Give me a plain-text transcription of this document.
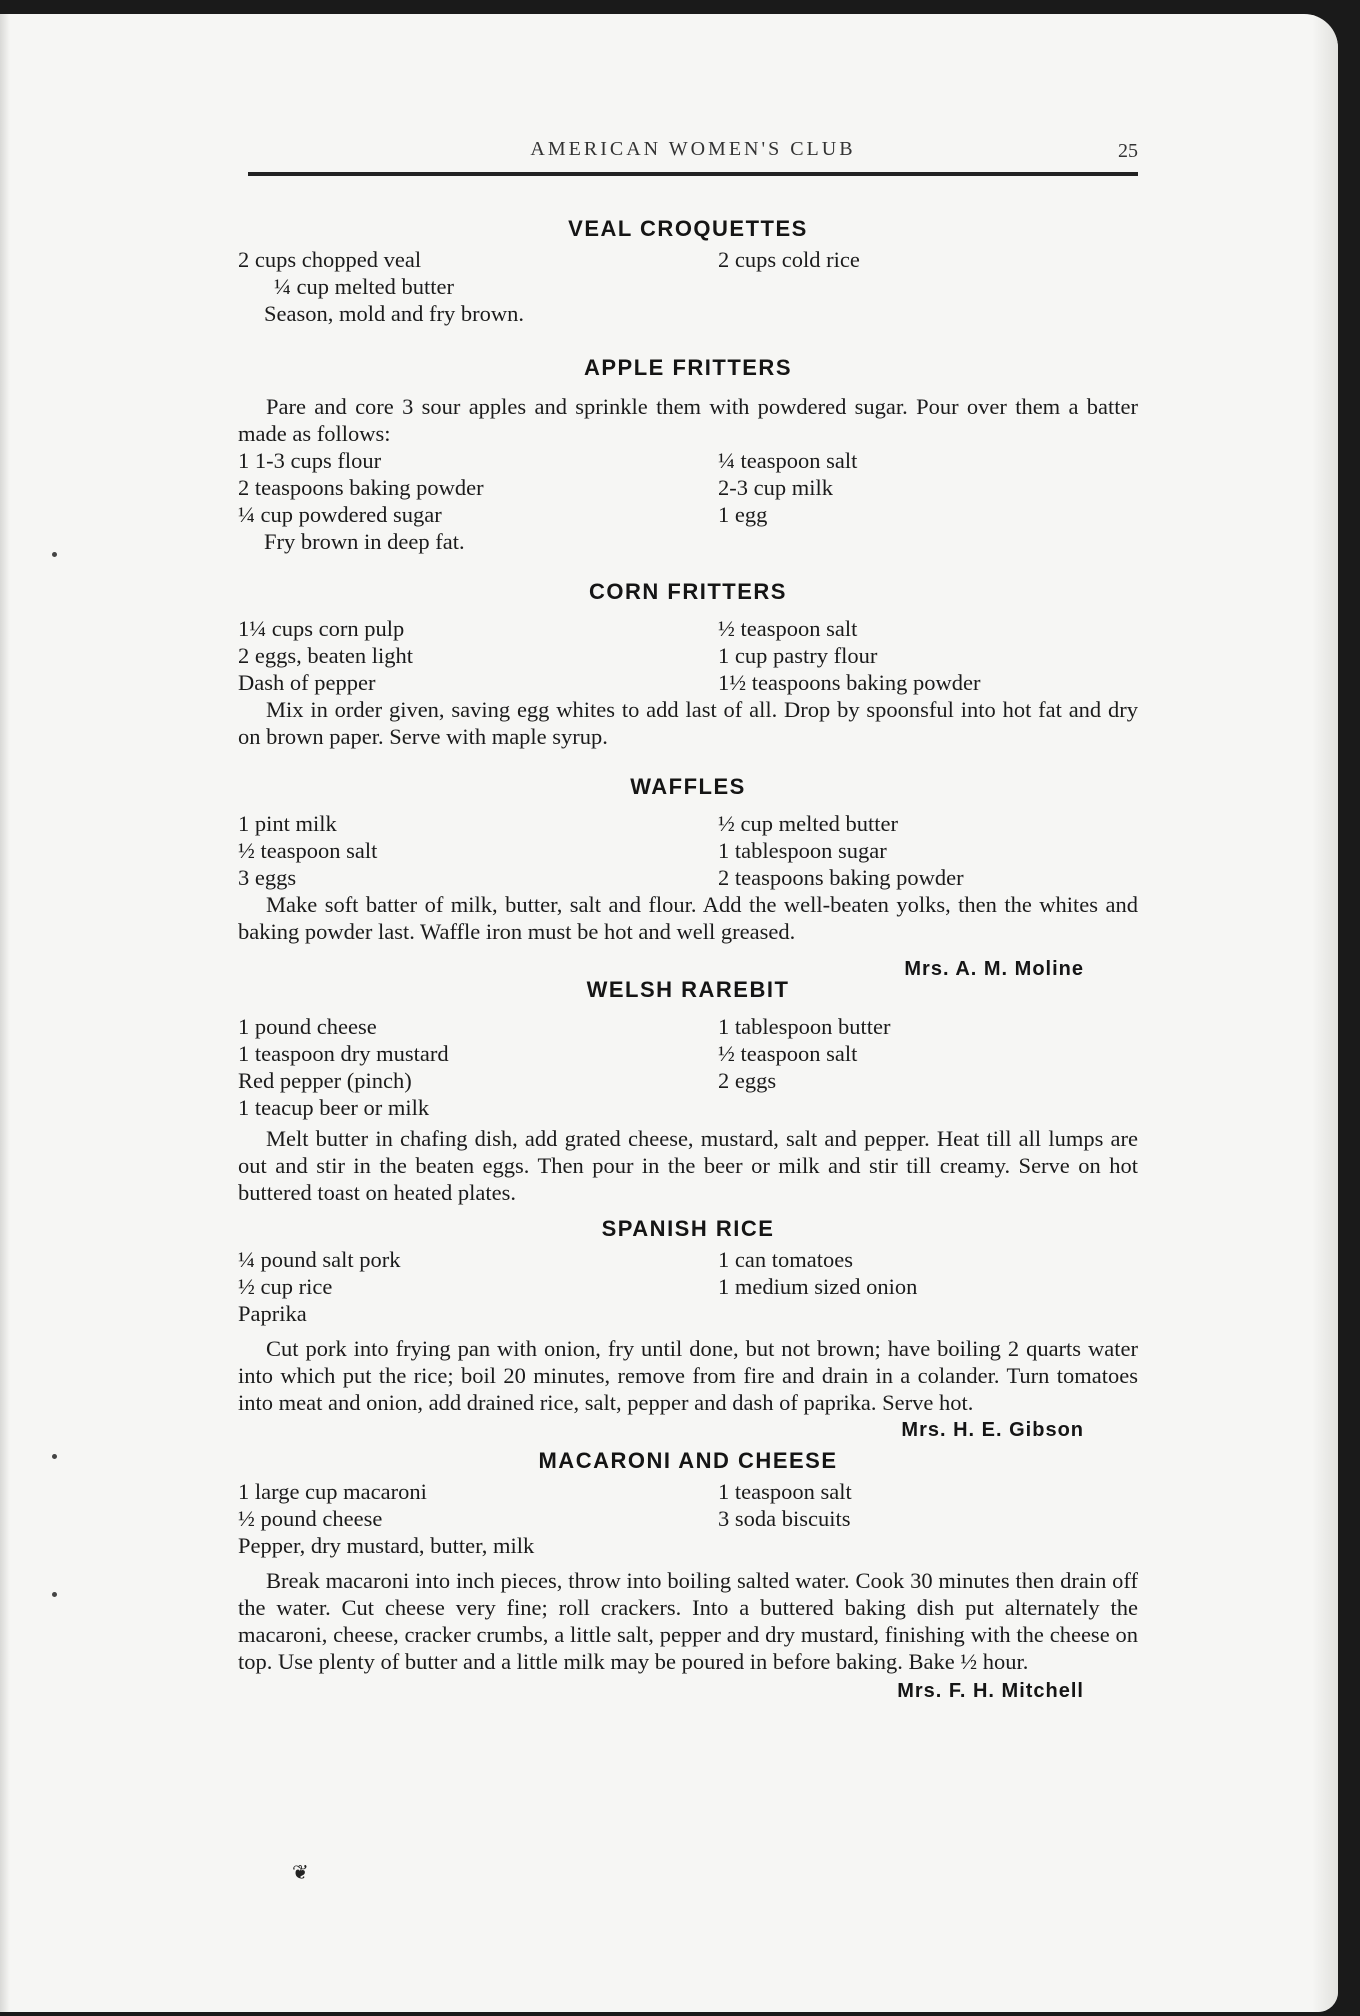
AMERICAN WOMEN'S CLUB	25
VEAL CROQUETTES
2 cups chopped veal
¼ cup melted butter
Season, mold and fry brown.
2 cups cold rice
APPLE FRITTERS

Pare and core 3 sour apples and sprinkle them with powdered sugar. Pour over them a batter made as follows:

1 1-3 cups flour
2 teaspoons baking powder
¼ cup powdered sugar
Fry brown in deep fat.
¼ teaspoon salt
2-3 cup milk
1 egg
CORN FRITTERS
1¼ cups corn pulp
2 eggs, beaten light
Dash of pepper
½ teaspoon salt
1 cup pastry flour
1½ teaspoons baking powder

Mix in order given, saving egg whites to add last of all. Drop by spoonsful into hot fat and dry on brown paper. Serve with maple syrup.

WAFFLES
1 pint milk
½ teaspoon salt
3 eggs
½ cup melted butter
1 tablespoon sugar
2 teaspoons baking powder

Make soft batter of milk, butter, salt and flour. Add the well-beaten yolks, then the whites and baking powder last. Waffle iron must be hot and well greased.

Mrs. A. M. Moline

WELSH RAREBIT
1 pound cheese
1 teaspoon dry mustard
Red pepper (pinch)
1 teacup beer or milk
1 tablespoon butter
½ teaspoon salt
2 eggs

Melt butter in chafing dish, add grated cheese, mustard, salt and pepper. Heat till all lumps are out and stir in the beaten eggs. Then pour in the beer or milk and stir till creamy. Serve on hot buttered toast on heated plates.

SPANISH RICE
¼ pound salt pork
½ cup rice
Paprika
1 can tomatoes
1 medium sized onion

Cut pork into frying pan with onion, fry until done, but not brown; have boiling 2 quarts water into which put the rice; boil 20 minutes, remove from fire and drain in a colander. Turn tomatoes into meat and onion, add drained rice, salt, pepper and dash of paprika. Serve hot.

Mrs. H. E. Gibson

MACARONI AND CHEESE
1 large cup macaroni
½ pound cheese
Pepper, dry mustard, butter, milk
1 teaspoon salt
3 soda biscuits

Break macaroni into inch pieces, throw into boiling salted water. Cook 30 minutes then drain off the water. Cut cheese very fine; roll crackers. Into a buttered baking dish put alternately the macaroni, cheese, cracker crumbs, a little salt, pepper and dry mustard, finishing with the cheese on top. Use plenty of butter and a little milk may be poured in before baking. Bake ½ hour.

Mrs. F. H. Mitchell

❦
